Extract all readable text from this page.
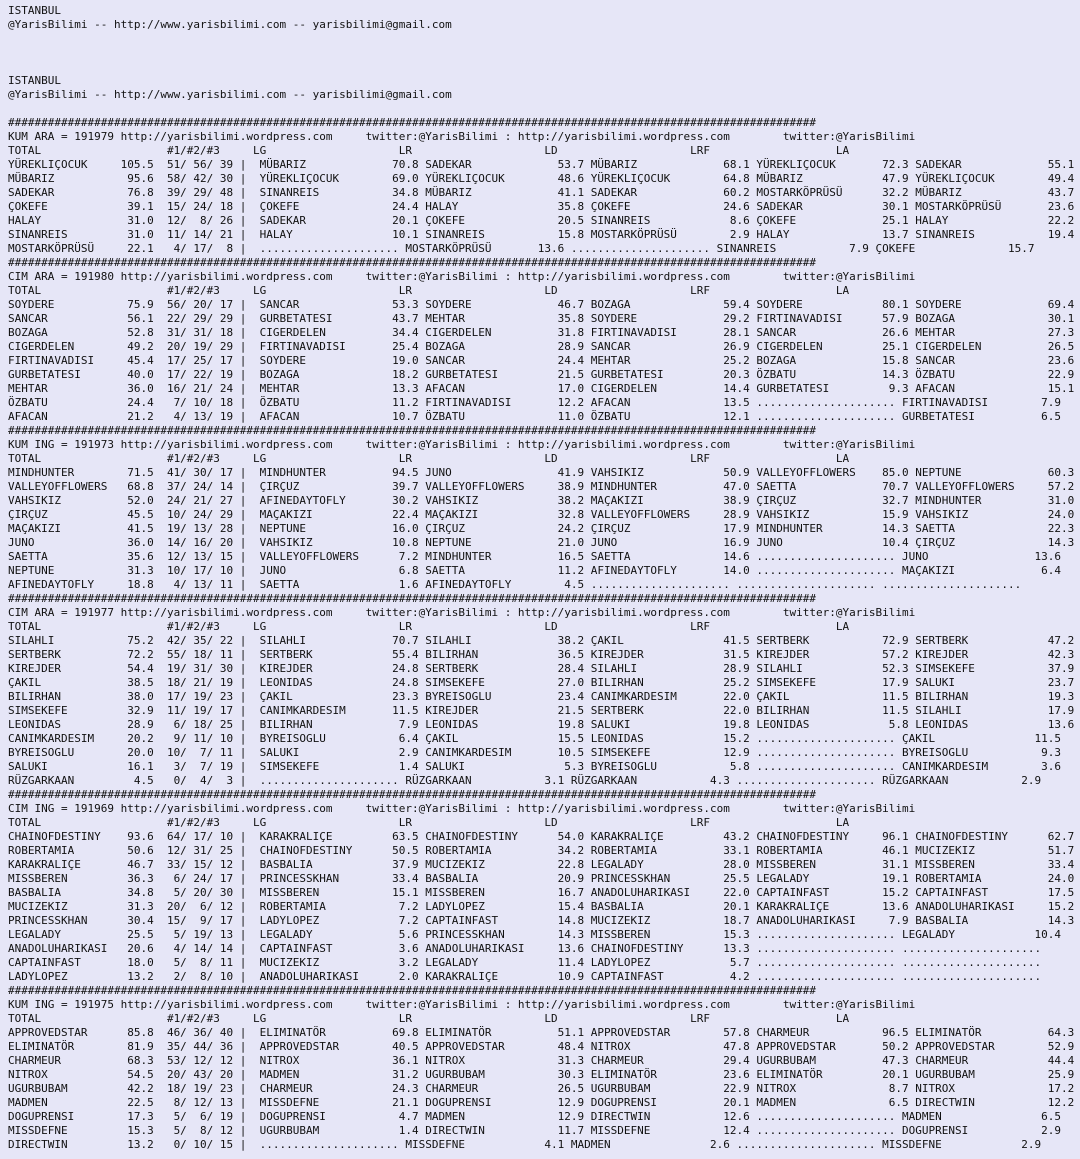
ISTANBUL
@YarisBilimi -- http://www.yarisbilimi.com -- yarisbilimi@gmail.com
ISTANBUL
@YarisBilimi -- http://www.yarisbilimi.com -- yarisbilimi@gmail.com
##########################################################################################################################
KUM ARA = 191979 http://yarisbilimi.wordpress.com     twitter:@YarisBilimi : http://yarisbilimi.wordpress.com        twitter:@YarisBilimi
TOTAL                   #1/#2/#3     LG                    LR                    LD                    LRF                   LA
YÜREKLIÇOCUK     105.5  51/ 56/ 39 |  MÜBARIZ             70.8 SADEKAR             53.7 MÜBARIZ             68.1 YÜREKLIÇOCUK       72.3 SADEKAR             55.1
MÜBARIZ           95.6  58/ 42/ 30 |  YÜREKLIÇOCUK        69.0 YÜREKLIÇOCUK        48.6 YÜREKLIÇOCUK        64.8 MÜBARIZ            47.9 YÜREKLIÇOCUK        49.4
SADEKAR           76.8  39/ 29/ 48 |  SINANREIS           34.8 MÜBARIZ             41.1 SADEKAR             60.2 MOSTARKÖPRÜSÜ      32.2 MÜBARIZ             43.7
ÇOKEFE            39.1  15/ 24/ 18 |  ÇOKEFE              24.4 HALAY               35.8 ÇOKEFE              24.6 SADEKAR            30.1 MOSTARKÖPRÜSÜ       23.6
HALAY             31.0  12/  8/ 26 |  SADEKAR             20.1 ÇOKEFE              20.5 SINANREIS            8.6 ÇOKEFE             25.1 HALAY               22.2
SINANREIS         31.0  11/ 14/ 21 |  HALAY               10.1 SINANREIS           15.8 MOSTARKÖPRÜSÜ        2.9 HALAY              13.7 SINANREIS           19.4
MOSTARKÖPRÜSÜ     22.1   4/ 17/  8 |  ..................... MOSTARKÖPRÜSÜ       13.6 ..................... SINANREIS           7.9 ÇOKEFE              15.7
##########################################################################################################################
CIM ARA = 191980 http://yarisbilimi.wordpress.com     twitter:@YarisBilimi : http://yarisbilimi.wordpress.com        twitter:@YarisBilimi
TOTAL                   #1/#2/#3     LG                    LR                    LD                    LRF                   LA
SOYDERE           75.9  56/ 20/ 17 |  SANCAR              53.3 SOYDERE             46.7 BOZAGA              59.4 SOYDERE            80.1 SOYDERE             69.4
SANCAR            56.1  22/ 29/ 29 |  GURBETATESI         43.7 MEHTAR              35.8 SOYDERE             29.2 FIRTINAVADISI      57.9 BOZAGA              30.1
BOZAGA            52.8  31/ 31/ 18 |  CIGERDELEN          34.4 CIGERDELEN          31.8 FIRTINAVADISI       28.1 SANCAR             26.6 MEHTAR              27.3
CIGERDELEN        49.2  20/ 19/ 29 |  FIRTINAVADISI       25.4 BOZAGA              28.9 SANCAR              26.9 CIGERDELEN         25.1 CIGERDELEN          26.5
FIRTINAVADISI     45.4  17/ 25/ 17 |  SOYDERE             19.0 SANCAR              24.4 MEHTAR              25.2 BOZAGA             15.8 SANCAR              23.6
GURBETATESI       40.0  17/ 22/ 19 |  BOZAGA              18.2 GURBETATESI         21.5 GURBETATESI         20.3 ÖZBATU             14.3 ÖZBATU              22.9
MEHTAR            36.0  16/ 21/ 24 |  MEHTAR              13.3 AFACAN              17.0 CIGERDELEN          14.4 GURBETATESI         9.3 AFACAN              15.1
ÖZBATU            24.4   7/ 10/ 18 |  ÖZBATU              11.2 FIRTINAVADISI       12.2 AFACAN              13.5 ..................... FIRTINAVADISI        7.9
AFACAN            21.2   4/ 13/ 19 |  AFACAN              10.7 ÖZBATU              11.0 ÖZBATU              12.1 ..................... GURBETATESI          6.5
##########################################################################################################################
KUM ING = 191973 http://yarisbilimi.wordpress.com     twitter:@YarisBilimi : http://yarisbilimi.wordpress.com        twitter:@YarisBilimi
TOTAL                   #1/#2/#3     LG                    LR                    LD                    LRF                   LA
MINDHUNTER        71.5  41/ 30/ 17 |  MINDHUNTER          94.5 JUNO                41.9 VAHSIKIZ            50.9 VALLEYOFFLOWERS    85.0 NEPTUNE             60.3
VALLEYOFFLOWERS   68.8  37/ 24/ 14 |  ÇIRÇUZ              39.7 VALLEYOFFLOWERS     38.9 MINDHUNTER          47.0 SAETTA             70.7 VALLEYOFFLOWERS     57.2
VAHSIKIZ          52.0  24/ 21/ 27 |  AFINEDAYTOFLY       30.2 VAHSIKIZ            38.2 MAÇAKIZI            38.9 ÇIRÇUZ             32.7 MINDHUNTER          31.0
ÇIRÇUZ            45.5  10/ 24/ 29 |  MAÇAKIZI            22.4 MAÇAKIZI            32.8 VALLEYOFFLOWERS     28.9 VAHSIKIZ           15.9 VAHSIKIZ            24.0
MAÇAKIZI          41.5  19/ 13/ 28 |  NEPTUNE             16.0 ÇIRÇUZ              24.2 ÇIRÇUZ              17.9 MINDHUNTER         14.3 SAETTA              22.3
JUNO              36.0  14/ 16/ 20 |  VAHSIKIZ            10.8 NEPTUNE             21.0 JUNO                16.9 JUNO               10.4 ÇIRÇUZ              14.3
SAETTA            35.6  12/ 13/ 15 |  VALLEYOFFLOWERS      7.2 MINDHUNTER          16.5 SAETTA              14.6 ..................... JUNO                13.6
NEPTUNE           31.3  10/ 17/ 10 |  JUNO                 6.8 SAETTA              11.2 AFINEDAYTOFLY       14.0 ..................... MAÇAKIZI             6.4
AFINEDAYTOFLY     18.8   4/ 13/ 11 |  SAETTA               1.6 AFINEDAYTOFLY        4.5 ..................... ..................... .....................
##########################################################################################################################
CIM ARA = 191977 http://yarisbilimi.wordpress.com     twitter:@YarisBilimi : http://yarisbilimi.wordpress.com        twitter:@YarisBilimi
TOTAL                   #1/#2/#3     LG                    LR                    LD                    LRF                   LA
SILAHLI           75.2  42/ 35/ 22 |  SILAHLI             70.7 SILAHLI             38.2 ÇAKIL               41.5 SERTBERK           72.9 SERTBERK            47.2
SERTBERK          72.2  55/ 18/ 11 |  SERTBERK            55.4 BILIRHAN            36.5 KIREJDER            31.5 KIREJDER           57.2 KIREJDER            42.3
KIREJDER          54.4  19/ 31/ 30 |  KIREJDER            24.8 SERTBERK            28.4 SILAHLI             28.9 SILAHLI            52.3 SIMSEKEFE           37.9
ÇAKIL             38.5  18/ 21/ 19 |  LEONIDAS            24.8 SIMSEKEFE           27.0 BILIRHAN            25.2 SIMSEKEFE          17.9 SALUKI              23.7
BILIRHAN          38.0  17/ 19/ 23 |  ÇAKIL               23.3 BYREISOGLU          23.4 CANIMKARDESIM       22.0 ÇAKIL              11.5 BILIRHAN            19.3
SIMSEKEFE         32.9  11/ 19/ 17 |  CANIMKARDESIM       11.5 KIREJDER            21.5 SERTBERK            22.0 BILIRHAN           11.5 SILAHLI             17.9
LEONIDAS          28.9   6/ 18/ 25 |  BILIRHAN             7.9 LEONIDAS            19.8 SALUKI              19.8 LEONIDAS            5.8 LEONIDAS            13.6
CANIMKARDESIM     20.2   9/ 11/ 10 |  BYREISOGLU           6.4 ÇAKIL               15.5 LEONIDAS            15.2 ..................... ÇAKIL               11.5
BYREISOGLU        20.0  10/  7/ 11 |  SALUKI               2.9 CANIMKARDESIM       10.5 SIMSEKEFE           12.9 ..................... BYREISOGLU           9.3
SALUKI            16.1   3/  7/ 19 |  SIMSEKEFE            1.4 SALUKI               5.3 BYREISOGLU           5.8 ..................... CANIMKARDESIM        3.6
RÜZGARKAAN         4.5   0/  4/  3 |  ..................... RÜZGARKAAN           3.1 RÜZGARKAAN           4.3 ..................... RÜZGARKAAN           2.9
##########################################################################################################################
CIM ING = 191969 http://yarisbilimi.wordpress.com     twitter:@YarisBilimi : http://yarisbilimi.wordpress.com        twitter:@YarisBilimi
TOTAL                   #1/#2/#3     LG                    LR                    LD                    LRF                   LA
CHAINOFDESTINY    93.6  64/ 17/ 10 |  KARAKRALIÇE         63.5 CHAINOFDESTINY      54.0 KARAKRALIÇE         43.2 CHAINOFDESTINY     96.1 CHAINOFDESTINY      62.7
ROBERTAMIA        50.6  12/ 31/ 25 |  CHAINOFDESTINY      50.5 ROBERTAMIA          34.2 ROBERTAMIA          33.1 ROBERTAMIA         46.1 MUCIZEKIZ           51.7
KARAKRALIÇE       46.7  33/ 15/ 12 |  BASBALIA            37.9 MUCIZEKIZ           22.8 LEGALADY            28.0 MISSBEREN          31.1 MISSBEREN           33.4
MISSBEREN         36.3   6/ 24/ 17 |  PRINCESSKHAN        33.4 BASBALIA            20.9 PRINCESSKHAN        25.5 LEGALADY           19.1 ROBERTAMIA          24.0
BASBALIA          34.8   5/ 20/ 30 |  MISSBEREN           15.1 MISSBEREN           16.7 ANADOLUHARIKASI     22.0 CAPTAINFAST        15.2 CAPTAINFAST         17.5
MUCIZEKIZ         31.3  20/  6/ 12 |  ROBERTAMIA           7.2 LADYLOPEZ           15.4 BASBALIA            20.1 KARAKRALIÇE        13.6 ANADOLUHARIKASI     15.2
PRINCESSKHAN      30.4  15/  9/ 17 |  LADYLOPEZ            7.2 CAPTAINFAST         14.8 MUCIZEKIZ           18.7 ANADOLUHARIKASI     7.9 BASBALIA            14.3
LEGALADY          25.5   5/ 19/ 13 |  LEGALADY             5.6 PRINCESSKHAN        14.3 MISSBEREN           15.3 ..................... LEGALADY            10.4
ANADOLUHARIKASI   20.6   4/ 14/ 14 |  CAPTAINFAST          3.6 ANADOLUHARIKASI     13.6 CHAINOFDESTINY      13.3 ..................... .....................
CAPTAINFAST       18.0   5/  8/ 11 |  MUCIZEKIZ            3.2 LEGALADY            11.4 LADYLOPEZ            5.7 ..................... .....................
LADYLOPEZ         13.2   2/  8/ 10 |  ANADOLUHARIKASI      2.0 KARAKRALIÇE         10.9 CAPTAINFAST          4.2 ..................... .....................
##########################################################################################################################
KUM ING = 191975 http://yarisbilimi.wordpress.com     twitter:@YarisBilimi : http://yarisbilimi.wordpress.com        twitter:@YarisBilimi
TOTAL                   #1/#2/#3     LG                    LR                    LD                    LRF                   LA
APPROVEDSTAR      85.8  46/ 36/ 40 |  ELIMINATÖR          69.8 ELIMINATÖR          51.1 APPROVEDSTAR        57.8 CHARMEUR           96.5 ELIMINATÖR          64.3
ELIMINATÖR        81.9  35/ 44/ 36 |  APPROVEDSTAR        40.5 APPROVEDSTAR        48.4 NITROX              47.8 APPROVEDSTAR       50.2 APPROVEDSTAR        52.9
CHARMEUR          68.3  53/ 12/ 12 |  NITROX              36.1 NITROX              31.3 CHARMEUR            29.4 UGURBUBAM          47.3 CHARMEUR            44.4
NITROX            54.5  20/ 43/ 20 |  MADMEN              31.2 UGURBUBAM           30.3 ELIMINATÖR          23.6 ELIMINATÖR         20.1 UGURBUBAM           25.9
UGURBUBAM         42.2  18/ 19/ 23 |  CHARMEUR            24.3 CHARMEUR            26.5 UGURBUBAM           22.9 NITROX              8.7 NITROX              17.2
MADMEN            22.5   8/ 12/ 13 |  MISSDEFNE           21.1 DOGUPRENSI          12.9 DOGUPRENSI          20.1 MADMEN              6.5 DIRECTWIN           12.2
DOGUPRENSI        17.3   5/  6/ 19 |  DOGUPRENSI           4.7 MADMEN              12.9 DIRECTWIN           12.6 ..................... MADMEN               6.5
MISSDEFNE         15.3   5/  8/ 12 |  UGURBUBAM            1.4 DIRECTWIN           11.7 MISSDEFNE           12.4 ..................... DOGUPRENSI           2.9
DIRECTWIN         13.2   0/ 10/ 15 |  ..................... MISSDEFNE            4.1 MADMEN               2.6 ..................... MISSDEFNE            2.9
